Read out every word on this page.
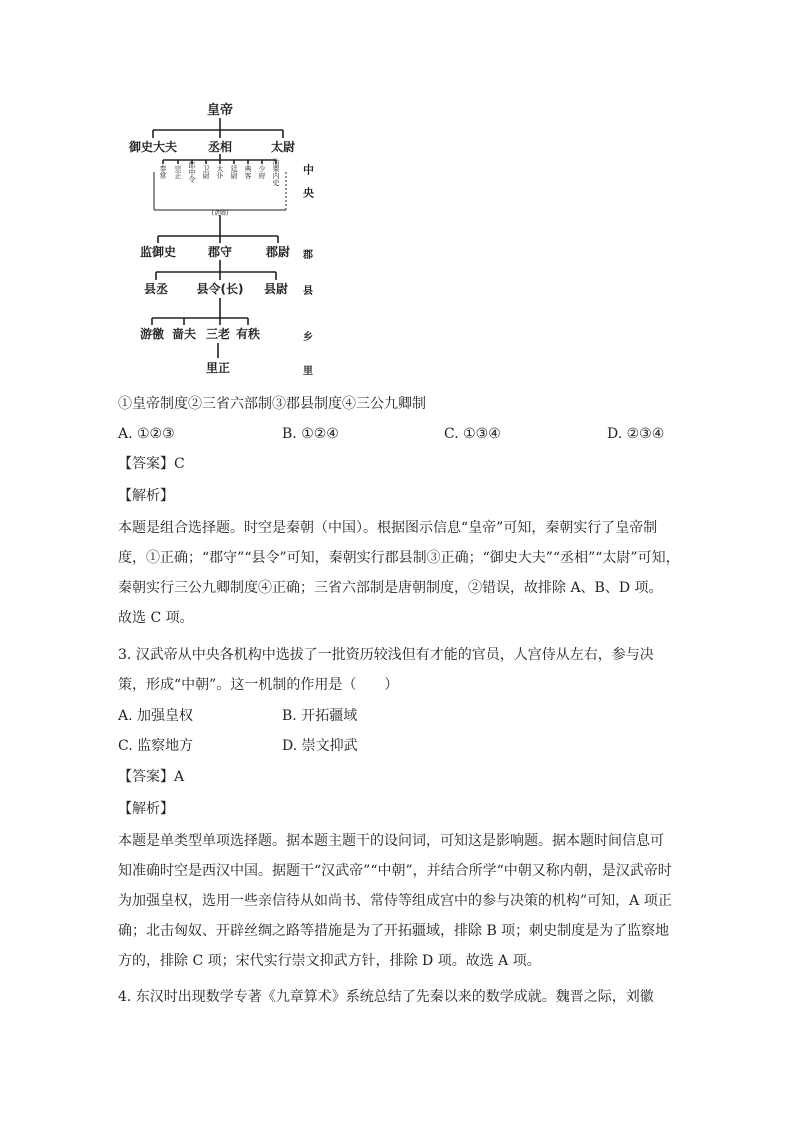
皇帝
御史大夫	丞相	太尉
奉常 宗正 郎中令 卫尉 太仆 廷尉 典客 少府 治粟内史
(诸卿)
监御史	郡守	郡尉
县丞 县令(长) 县尉
游徼 啬夫 三老 有秩
里正
中央
郡
县
乡
里
①皇帝制度②三省六部制③郡县制度④三公九卿制
A. ①②③	B. ①②④	C. ①③④	D. ②③④
【答案】C
【解析】

本题是组合选择题。时空是秦朝（中国）。根据图示信息“皇帝”可知，秦朝实行了皇帝制

度，①正确；“郡守”“县令”可知，秦朝实行郡县制③正确；“御史大夫”“丞相”“太尉”可知，

秦朝实行三公九卿制度④正确；三省六部制是唐朝制度，②错误，故排除 A、B、D 项。

故选 C 项。

3. 汉武帝从中央各机构中选拔了一批资历较浅但有才能的官员，人宫侍从左右，参与决

策，形成“中朝”。这一机制的作用是（　　）

A. 加强皇权	B. 开拓疆域
C. 监察地方	D. 崇文抑武
【答案】A
【解析】

本题是单类型单项选择题。据本题主题干的设问词，可知这是影响题。据本题时间信息可

知准确时空是西汉中国。据题干“汉武帝”“中朝”，并结合所学“中朝又称内朝，是汉武帝时

为加强皇权，选用一些亲信待从如尚书、常侍等组成宫中的参与决策的机构”可知，A 项正

确；北击匈奴、开辟丝绸之路等措施是为了开拓疆域，排除 B 项；刺史制度是为了监察地

方的，排除 C 项；宋代实行崇文抑武方针，排除 D 项。故选 A 项。

4. 东汉时出现数学专著《九章算术》系统总结了先秦以来的数学成就。魏晋之际，刘徽
